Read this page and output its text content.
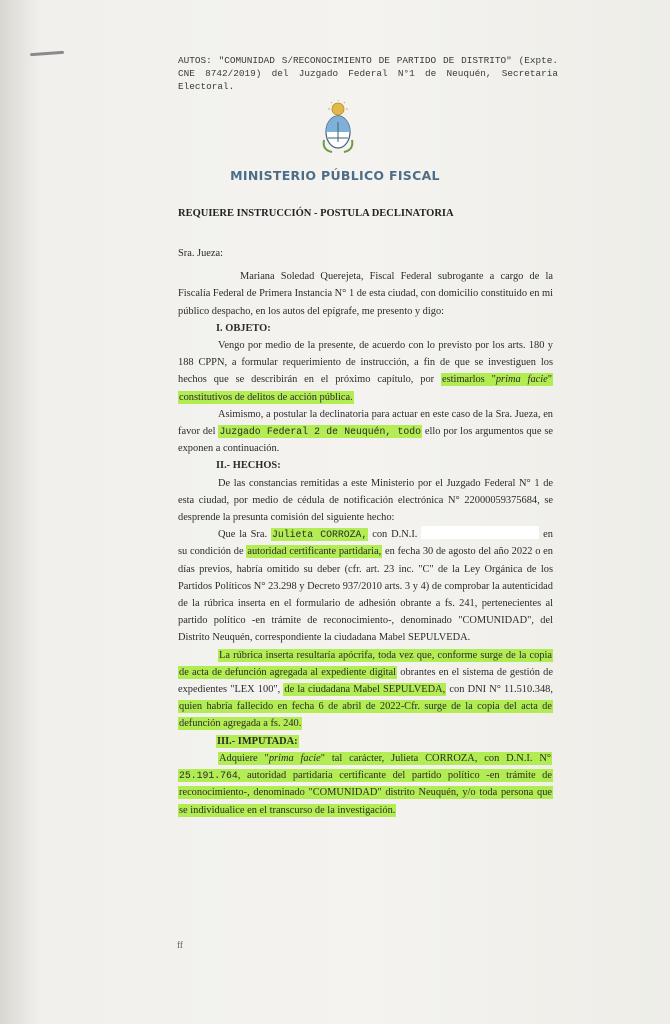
AUTOS: "COMUNIDAD S/RECONOCIMIENTO DE PARTIDO DE DISTRITO" (Expte. CNE 8742/2019) del Juzgado Federal N°1 de Neuquén, Secretaria Electoral.
MINISTERIO PÚBLICO FISCAL
REQUIERE INSTRUCCIÓN - POSTULA DECLINATORIA

Sra. Jueza:

Mariana Soledad Querejeta, Fiscal Federal subrogante a cargo de la Fiscalía Federal de Primera Instancia N° 1 de esta ciudad, con domicilio constituido en mi público despacho, en los autos del epígrafe, me presento y digo:

I. OBJETO:

Vengo por medio de la presente, de acuerdo con lo previsto por los arts. 180 y 188 CPPN, a formular requerimiento de instrucción, a fin de que se investiguen los hechos que se describirán en el próximo capítulo, por estimarlos "prima facie" constitutivos de delitos de acción pública.

Asimismo, a postular la declinatoria para actuar en este caso de la Sra. Jueza, en favor del Juzgado Federal 2 de Neuquén, todo ello por los argumentos que se exponen a continuación.

II.- HECHOS:

De las constancias remitidas a este Ministerio por el Juzgado Federal N° 1 de esta ciudad, por medio de cédula de notificación electrónica N° 22000059375684, se desprende la presunta comisión del siguiente hecho:

Que la Sra. Julieta CORROZA, con D.N.I.	en su condición de autoridad certificante partidaria, en fecha 30 de agosto del año 2022 o en días previos, habría omitido su deber (cfr. art. 23 inc. "C" de la Ley Orgánica de los Partidos Políticos N° 23.298 y Decreto 937/2010 arts. 3 y 4) de comprobar la autenticidad de la rúbrica inserta en el formulario de adhesión obrante a fs. 241, pertenecientes al partido político -en trámite de reconocimiento-, denominado "COMUNIDAD", del Distrito Neuquén, correspondiente la ciudadana Mabel SEPULVEDA.

La rúbrica inserta resultaría apócrifa, toda vez que, conforme surge de la copia de acta de defunción agregada al expediente digital obrantes en el sistema de gestión de expedientes "LEX 100", de la ciudadana Mabel SEPULVEDA, con DNI N° 11.510.348, quien habría fallecido en fecha 6 de abril de 2022-Cfr. surge de la copia del acta de defunción agregada a fs. 240.

III.- IMPUTADA:

Adquiere "prima facie" tal carácter, Julieta CORROZA, con D.N.I. N° 25.191.764, autoridad partidaria certificante del partido político -en trámite de reconocimiento-, denominado "COMUNIDAD" distrito Neuquén, y/o toda persona que se individualice en el transcurso de la investigación.

ff
